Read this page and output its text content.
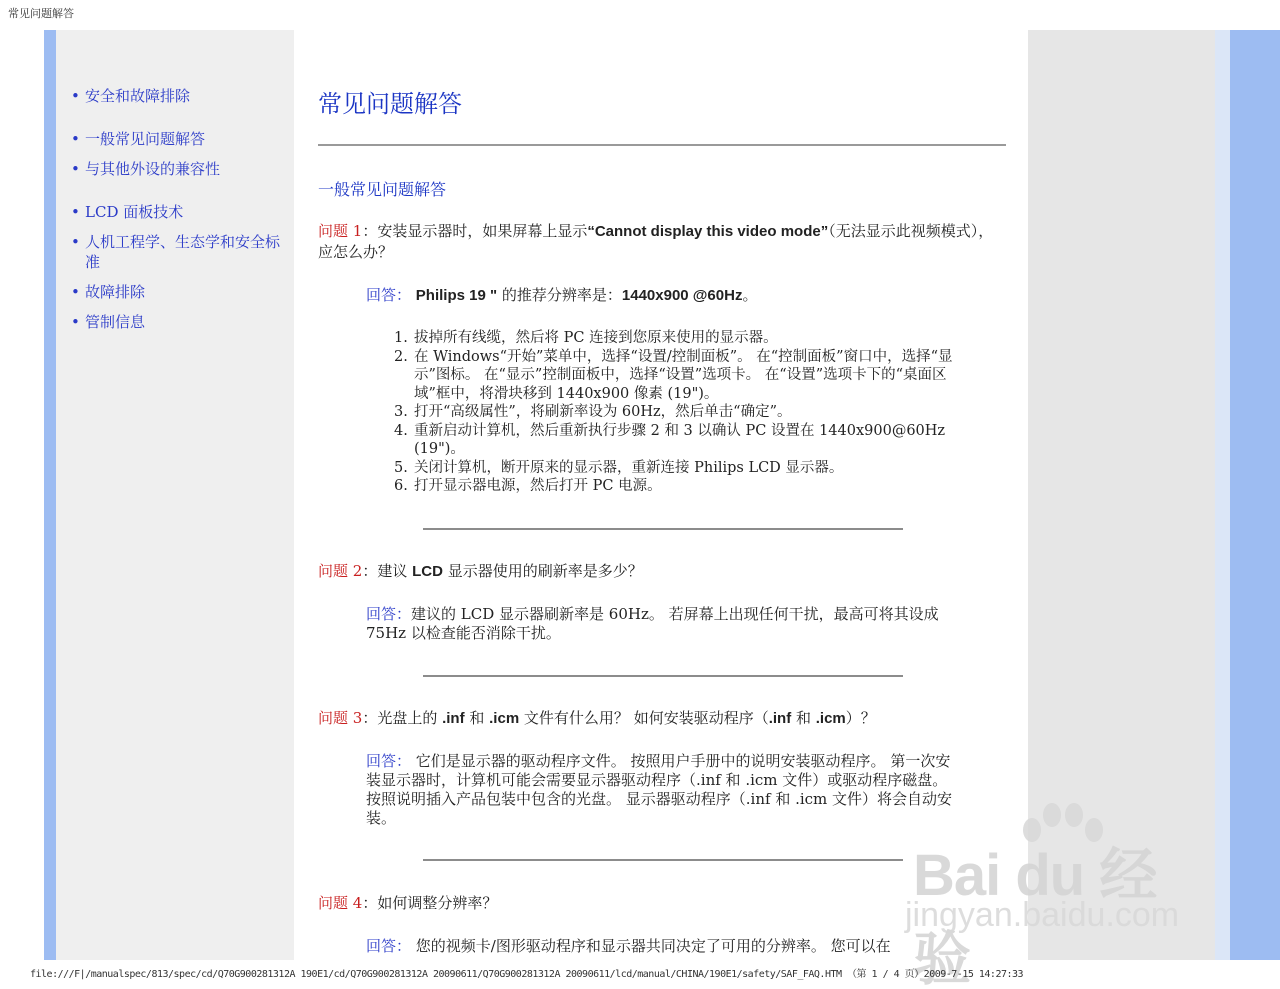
常见问题解答
• 安全和故障排除
• 一般常见问题解答
• 与其他外设的兼容性
• LCD 面板技术
• 人机工程学、生态学和安全标准
• 故障排除
• 管制信息
常见问题解答
一般常见问题解答
问题 1：安装显示器时，如果屏幕上显示“Cannot display this video mode”（无法显示此视频模式），应怎么办？
回答： Philips 19 " 的推荐分辨率是：1440x900 @60Hz。
1. 拔掉所有线缆，然后将 PC 连接到您原来使用的显示器。
2. 在 Windows“开始”菜单中，选择“设置/控制面板”。 在“控制面板”窗口中，选择“显示”图标。 在“显示”控制面板中，选择“设置”选项卡。 在“设置”选项卡下的“桌面区域”框中，将滑块移到 1440x900 像素 (19")。
3. 打开“高级属性”，将刷新率设为 60Hz，然后单击“确定”。
4. 重新启动计算机，然后重新执行步骤 2 和 3 以确认 PC 设置在 1440x900@60Hz (19")。
5. 关闭计算机，断开原来的显示器，重新连接 Philips LCD 显示器。
6. 打开显示器电源，然后打开 PC 电源。
问题 2：建议 LCD 显示器使用的刷新率是多少？
回答：建议的 LCD 显示器刷新率是 60Hz。 若屏幕上出现任何干扰，最高可将其设成 75Hz 以检查能否消除干扰。
问题 3：光盘上的 .inf 和 .icm 文件有什么用？ 如何安装驱动程序（.inf 和 .icm）？
回答： 它们是显示器的驱动程序文件。 按照用户手册中的说明安装驱动程序。 第一次安装显示器时，计算机可能会需要显示器驱动程序（.inf 和 .icm 文件）或驱动程序磁盘。 按照说明插入产品包装中包含的光盘。 显示器驱动程序（.inf 和 .icm 文件）将会自动安装。
问题 4：如何调整分辨率？
回答： 您的视频卡/图形驱动程序和显示器共同决定了可用的分辨率。 您可以在
Bai du 经验
jingyan.baidu.com
file:///F|/manualspec/813/spec/cd/Q70G900281312A 190E1/cd/Q70G900281312A 20090611/Q70G900281312A 20090611/lcd/manual/CHINA/190E1/safety/SAF_FAQ.HTM （第 1 / 4 页）2009-7-15 14:27:33
